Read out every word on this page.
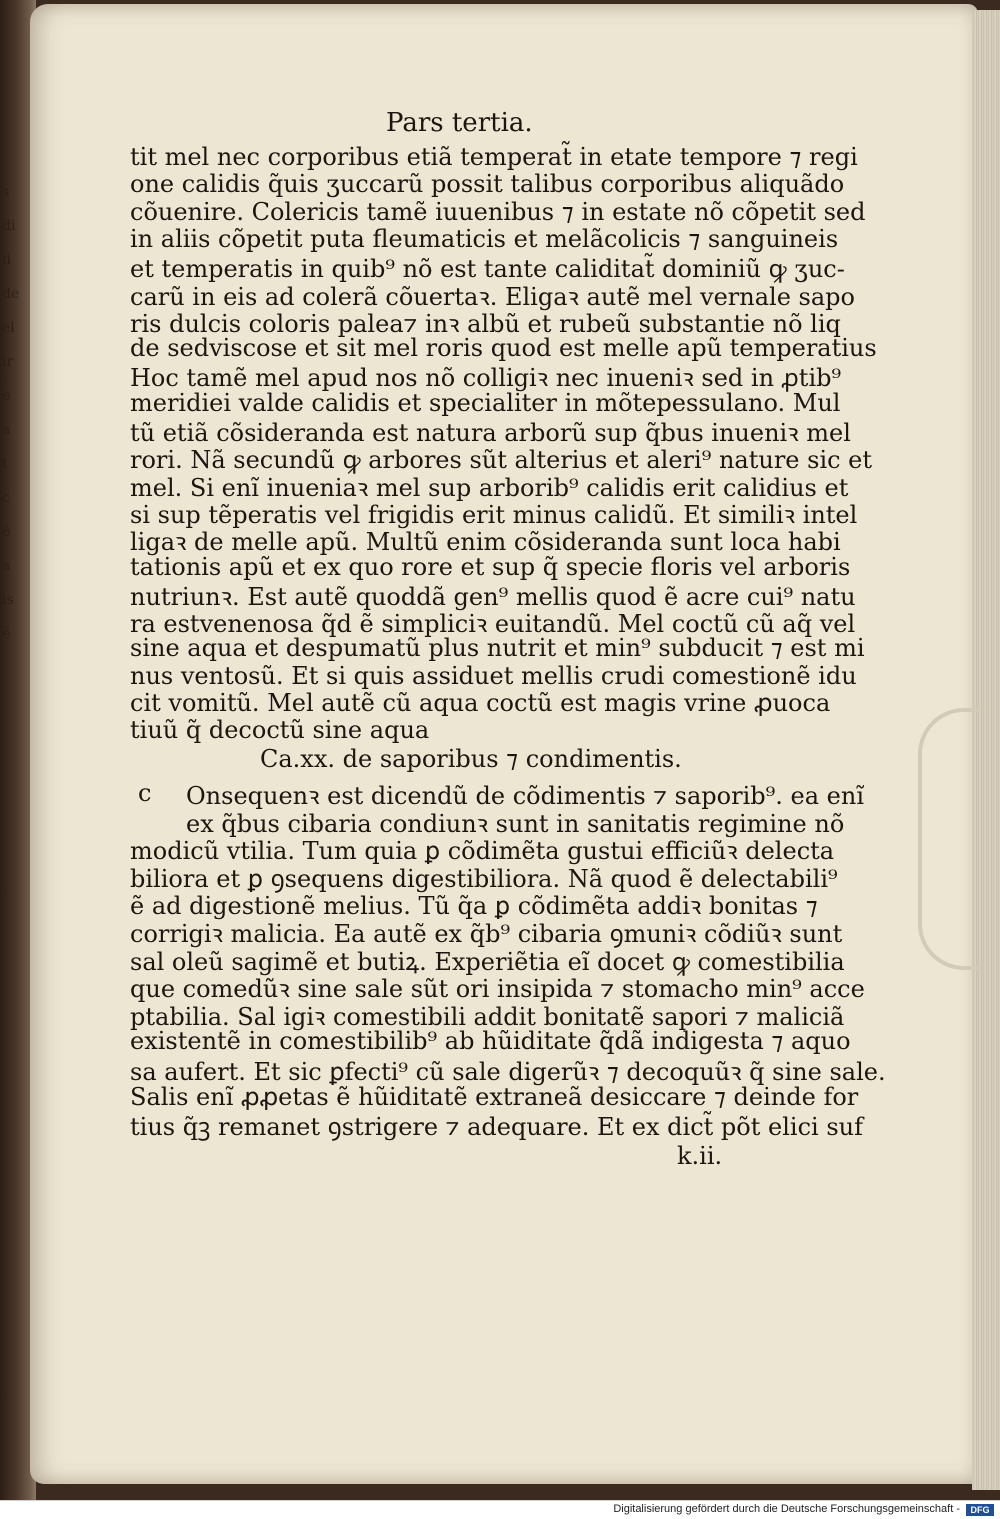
s
di
ii
de
el
ir
e
a
t
c
é
a
is
é
Pars tertia.
tit mel nec corporibus etiã temperat̃ in etate tempore ⁊ regi
one calidis q̃uis ʒuccarũ possit talibus corporibus aliquãdo
cõuenire. Colericis tamẽ iuuenibus ⁊ in estate nõ cõpetit sed
in aliis cõpetit puta fleumaticis et melãcolicis ⁊ sanguineis
et temperatis in quib⁹ nõ est tante caliditat̃ dominiũ ꝙ ʒuc-
carũ in eis ad colerã cõuertaꝛ. Eligaꝛ autẽ mel vernale sapo
ris dulcis coloris palea⁊ inꝛ albũ et rubeũ substantie nõ liq
de sedviscose et sit mel roris quod est melle apũ temperatius
Hoc tamẽ mel apud nos nõ colligiꝛ nec inueniꝛ sed in ꝓtib⁹
meridiei valde calidis et specialiter in mõtepessulano. Mul
tũ etiã cõsideranda est natura arborũ sup q̃bus inueniꝛ mel
rori. Nã secundũ ꝙ arbores sũt alterius et aleri⁹ nature sic et
mel. Si enĩ inueniaꝛ mel sup arborib⁹ calidis erit calidius et
si sup tẽperatis vel frigidis erit minus calidũ. Et similiꝛ intel
ligaꝛ de melle apũ. Multũ enim cõsideranda sunt loca habi
tationis apũ et ex quo rore et sup q̃ specie floris vel arboris
nutriunꝛ. Est autẽ quoddã gen⁹ mellis quod ẽ acre cui⁹ natu
ra estvenenosa q̃d ẽ simpliciꝛ euitandũ. Mel coctũ cũ aq̃ vel
sine aqua et despumatũ plus nutrit et min⁹ subducit ⁊ est mi
nus ventosũ. Et si quis assiduet mellis crudi comestionẽ idu
cit vomitũ. Mel autẽ cũ aqua coctũ est magis vrine ꝓuoca
tiuũ q̃ decoctũ sine aqua
Onsequenꝛ est dicendũ de cõdimentis ⁊ saporib⁹. ea enĩ
ex q̃bus cibaria condiunꝛ sunt in sanitatis regimine nõ
modicũ vtilia. Tum quia ꝑ cõdimẽta gustui efficiũꝛ delecta
biliora et ꝑ ꝯsequens digestibiliora. Nã quod ẽ delectabili⁹
ẽ ad digestionẽ melius. Tũ q̃a ꝑ cõdimẽta addiꝛ bonitas ⁊
corrigiꝛ malicia. Ea autẽ ex q̃b⁹ cibaria ꝯmuniꝛ cõdiũꝛ sunt
sal oleũ sagimẽ et butiꝝ. Experiẽtia eĩ docet ꝙ comestibilia
que comedũꝛ sine sale sũt ori insipida ⁊ stomacho min⁹ acce
ptabilia. Sal igiꝛ comestibili addit bonitatẽ sapori ⁊ maliciã
existentẽ in comestibilib⁹ ab hũiditate q̃dã indigesta ⁊ aquo
sa aufert. Et sic ꝑfecti⁹ cũ sale digerũꝛ ⁊ decoquũꝛ q̃ sine sale.
Salis enĩ ꝓꝓetas ẽ hũiditatẽ extraneã desiccare ⁊ deinde for
tius q̃ꝫ remanet ꝯstrigere ⁊ adequare. Et ex dict̃ põt elici suf
Ca.xx. de saporibus ⁊ condimentis.
c
k.ii.
Digitalisierung gefördert durch die Deutsche Forschungsgemeinschaft -	DFG
